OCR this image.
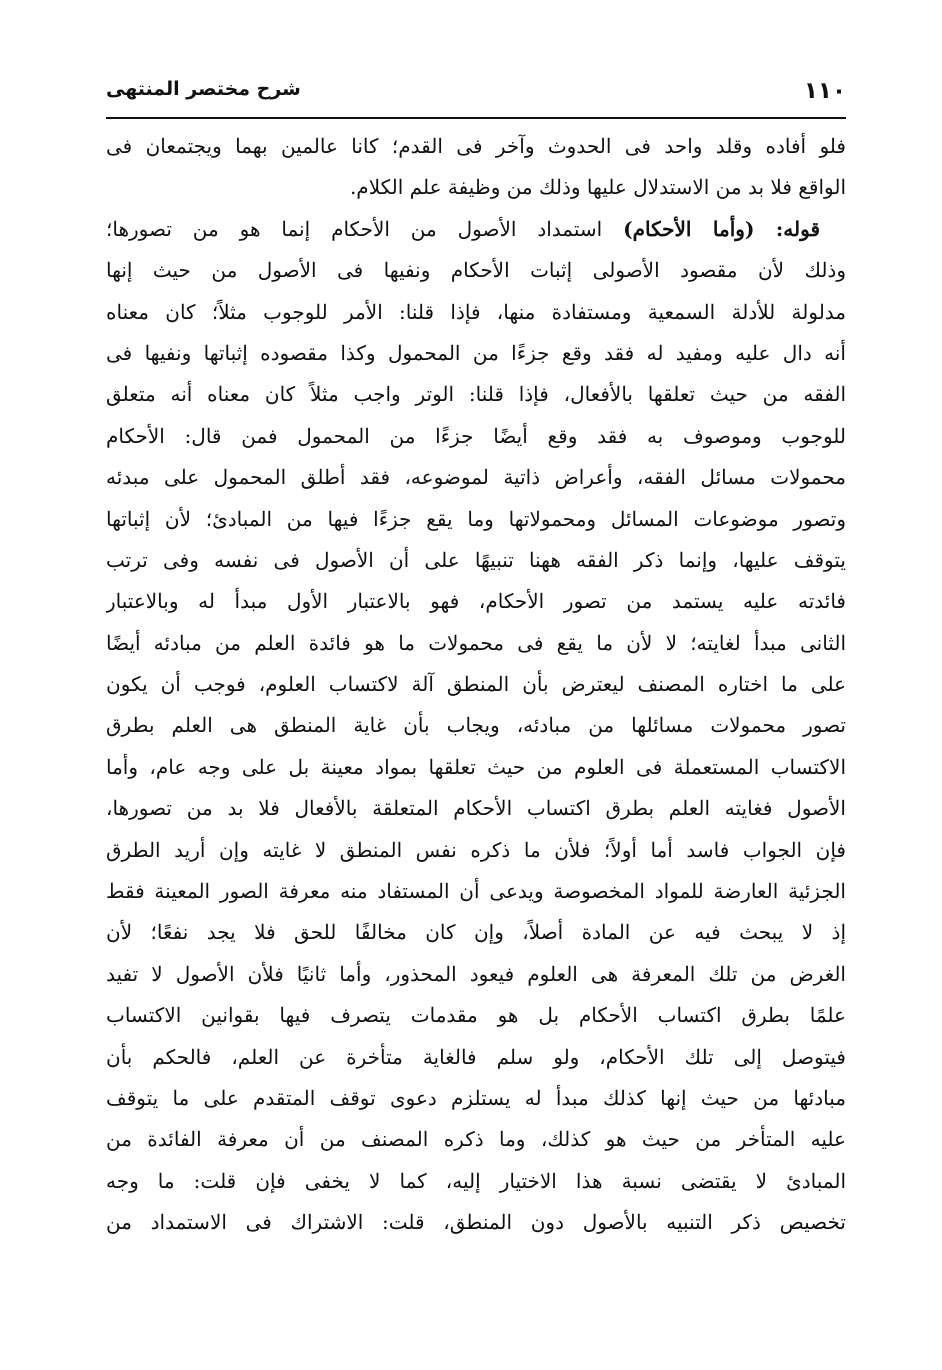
١١٠
شرح مختصر المنتهى
فلو أفاده وقلد واحد فى الحدوث وآخر فى القدم؛ كانا عالمين بهما ويجتمعان فى
الواقع فلا بد من الاستدلال عليها وذلك من وظيفة علم الكلام.
قوله: (وأما الأحكام) استمداد الأصول من الأحكام إنما هو من تصورها؛
وذلك لأن مقصود الأصولى إثبات الأحكام ونفيها فى الأصول من حيث إنها
مدلولة للأدلة السمعية ومستفادة منها، فإذا قلنا: الأمر للوجوب مثلاً؛ كان معناه
أنه دال عليه ومفيد له فقد وقع جزءًا من المحمول وكذا مقصوده إثباتها ونفيها فى
الفقه من حيث تعلقها بالأفعال، فإذا قلنا: الوتر واجب مثلاً كان معناه أنه متعلق
للوجوب وموصوف به فقد وقع أيضًا جزءًا من المحمول فمن قال: الأحكام
محمولات مسائل الفقه، وأعراض ذاتية لموضوعه، فقد أطلق المحمول على مبدئه
وتصور موضوعات المسائل ومحمولاتها وما يقع جزءًا فيها من المبادئ؛ لأن إثباتها
يتوقف عليها، وإنما ذكر الفقه ههنا تنبيهًا على أن الأصول فى نفسه وفى ترتب
فائدته عليه يستمد من تصور الأحكام، فهو بالاعتبار الأول مبدأ له وبالاعتبار
الثانى مبدأ لغايته؛ لا لأن ما يقع فى محمولات ما هو فائدة العلم من مبادئه أيضًا
على ما اختاره المصنف ليعترض بأن المنطق آلة لاكتساب العلوم، فوجب أن يكون
تصور محمولات مسائلها من مبادئه، ويجاب بأن غاية المنطق هى العلم بطرق
الاكتساب المستعملة فى العلوم من حيث تعلقها بمواد معينة بل على وجه عام، وأما
الأصول فغايته العلم بطرق اكتساب الأحكام المتعلقة بالأفعال فلا بد من تصورها،
فإن الجواب فاسد أما أولاً؛ فلأن ما ذكره نفس المنطق لا غايته وإن أريد الطرق
الجزئية العارضة للمواد المخصوصة ويدعى أن المستفاد منه معرفة الصور المعينة فقط
إذ لا يبحث فيه عن المادة أصلاً، وإن كان مخالفًا للحق فلا يجد نفعًا؛ لأن
الغرض من تلك المعرفة هى العلوم فيعود المحذور، وأما ثانيًا فلأن الأصول لا تفيد
علمًا بطرق اكتساب الأحكام بل هو مقدمات يتصرف فيها بقوانين الاكتساب
فيتوصل إلى تلك الأحكام، ولو سلم فالغاية متأخرة عن العلم، فالحكم بأن
مبادئها من حيث إنها كذلك مبدأ له يستلزم دعوى توقف المتقدم على ما يتوقف
عليه المتأخر من حيث هو كذلك، وما ذكره المصنف من أن معرفة الفائدة من
المبادئ لا يقتضى نسبة هذا الاختيار إليه، كما لا يخفى فإن قلت: ما وجه
تخصيص ذكر التنبيه بالأصول دون المنطق، قلت: الاشتراك فى الاستمداد من
